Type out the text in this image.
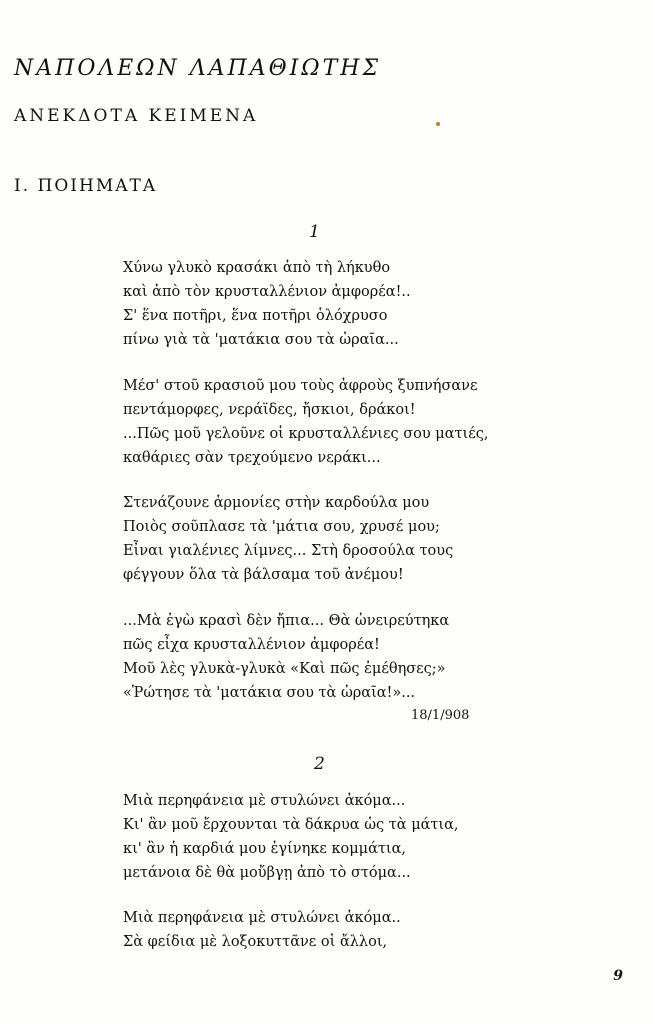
ΝΑΠΟΛΕΩΝ ΛΑΠΑΘΙΩΤΗΣ
ΑΝΕΚΔΟΤΑ ΚΕΙΜΕΝΑ
Ι. ΠΟΙΗΜΑΤΑ
1
Χύνω γλυκὸ κρασάκι ἀπὸ τὴ λήκυθο
καὶ ἀπὸ τὸν κρυσταλλένιον ἀμφορέα!..
Σ' ἕνα ποτῆρι, ἕνα ποτῆρι ὁλόχρυσο
πίνω γιὰ τὰ 'ματάκια σου τὰ ὡραῖα...
Μέσ' στοῦ κρασιοῦ μου τοὺς ἀφροὺς ξυπνήσανε
πεντάμορφες, νεράϊδες, ἤσκιοι, δράκοι!
...Πῶς μοῦ γελοῦνε οἱ κρυσταλλένιες σου ματιές,
καθάριες σὰν τρεχούμενο νεράκι...
Στενάζουνε ἁρμονίες στὴν καρδούλα μου
Ποιὸς σοῦπλασε τὰ 'μάτια σου, χρυσέ μου;
Εἶναι γιαλένιες λίμνες... Στὴ δροσούλα τους
φέγγουν ὅλα τὰ βάλσαμα τοῦ ἀνέμου!
...Μὰ ἐγὼ κρασὶ δὲν ἤπια... Θὰ ὠνειρεύτηκα
πῶς εἶχα κρυσταλλένιον ἀμφορέα!
Μοῦ λὲς γλυκὰ-γλυκὰ «Καὶ πῶς ἐμέθησες;»
«Ῥώτησε τὰ 'ματάκια σου τὰ ὡραῖα!»...
18/1/908
2
Μιὰ περηφάνεια μὲ στυλώνει ἀκόμα...
Κι' ἂν μοῦ ἔρχουνται τὰ δάκρυα ὡς τὰ μάτια,
κι' ἂν ἡ καρδιά μου ἐγίνηκε κομμάτια,
μετάνοια δὲ θὰ μοὔβγῃ ἀπὸ τὸ στόμα...
Μιὰ περηφάνεια μὲ στυλώνει ἀκόμα..
Σὰ φείδια μὲ λοξοκυττᾶνε οἱ ἄλλοι,
9
